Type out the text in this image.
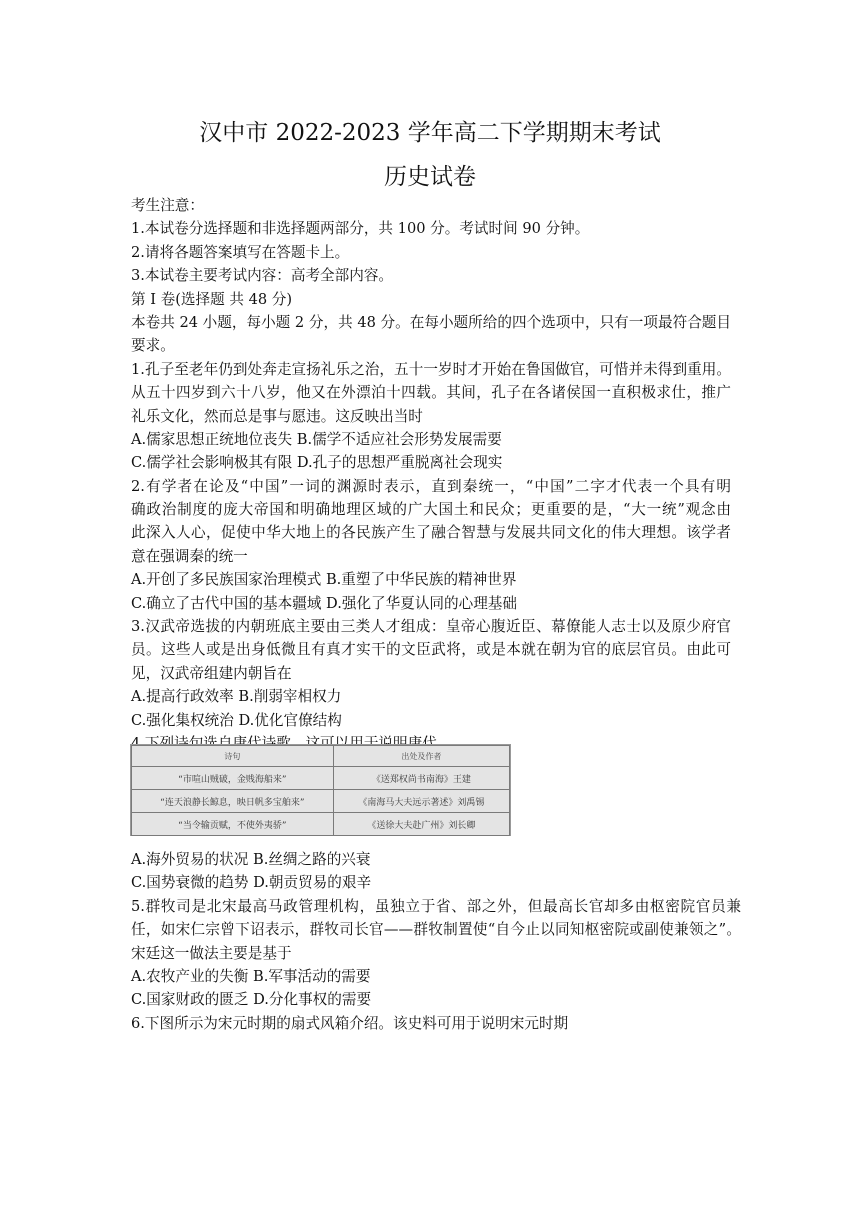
汉中市 2022-2023 学年高二下学期期末考试
历史试卷
考生注意：
1.本试卷分选择题和非选择题两部分，共 100 分。考试时间 90 分钟。
2.请将各题答案填写在答题卡上。
3.本试卷主要考试内容：高考全部内容。
第 I 卷(选择题 共 48 分)
本卷共 24 小题，每小题 2 分，共 48 分。在每小题所给的四个选项中，只有一项最符合题目
要求。
1.孔子至老年仍到处奔走宣扬礼乐之治，五十一岁时才开始在鲁国做官，可惜并未得到重用。
从五十四岁到六十八岁，他又在外漂泊十四载。其间，孔子在各诸侯国一直积极求仕，推广
礼乐文化，然而总是事与愿违。这反映出当时
A.儒家思想正统地位丧失 B.儒学不适应社会形势发展需要
C.儒学社会影响极其有限 D.孔子的思想严重脱离社会现实
2.有学者在论及“中国”一词的渊源时表示，直到秦统一，“中国”二字才代表一个具有明
确政治制度的庞大帝国和明确地理区域的广大国土和民众；更重要的是，“大一统”观念由
此深入人心，促使中华大地上的各民族产生了融合智慧与发展共同文化的伟大理想。该学者
意在强调秦的统一
A.开创了多民族国家治理模式 B.重塑了中华民族的精神世界
C.确立了古代中国的基本疆域 D.强化了华夏认同的心理基础
3.汉武帝选拔的内朝班底主要由三类人才组成：皇帝心腹近臣、幕僚能人志士以及原少府官
员。这些人或是出身低微且有真才实干的文臣武将，或是本就在朝为官的底层官员。由此可
见，汉武帝组建内朝旨在
A.提高行政效率 B.削弱宰相权力
C.强化集权统治 D.优化官僚结构
诗句	出处及作者
“市喧山贼破，金贱海船来”	《送郑权尚书南海》王建
“连天浪静长鲸息，映日帆多宝舶来”	《南海马大夫远示著述》刘禹锡
“当令输贡赋，不使外夷骄”	《送徐大夫赴广州》刘长卿
A.海外贸易的状况 B.丝绸之路的兴衰
C.国势衰微的趋势 D.朝贡贸易的艰辛
5.群牧司是北宋最高马政管理机构，虽独立于省、部之外，但最高长官却多由枢密院官员兼
任，如宋仁宗曾下诏表示，群牧司长官——群牧制置使“自今止以同知枢密院或副使兼领之”。
宋廷这一做法主要是基于
A.农牧产业的失衡 B.军事活动的需要
C.国家财政的匮乏 D.分化事权的需要
6.下图所示为宋元时期的扇式风箱介绍。该史料可用于说明宋元时期
